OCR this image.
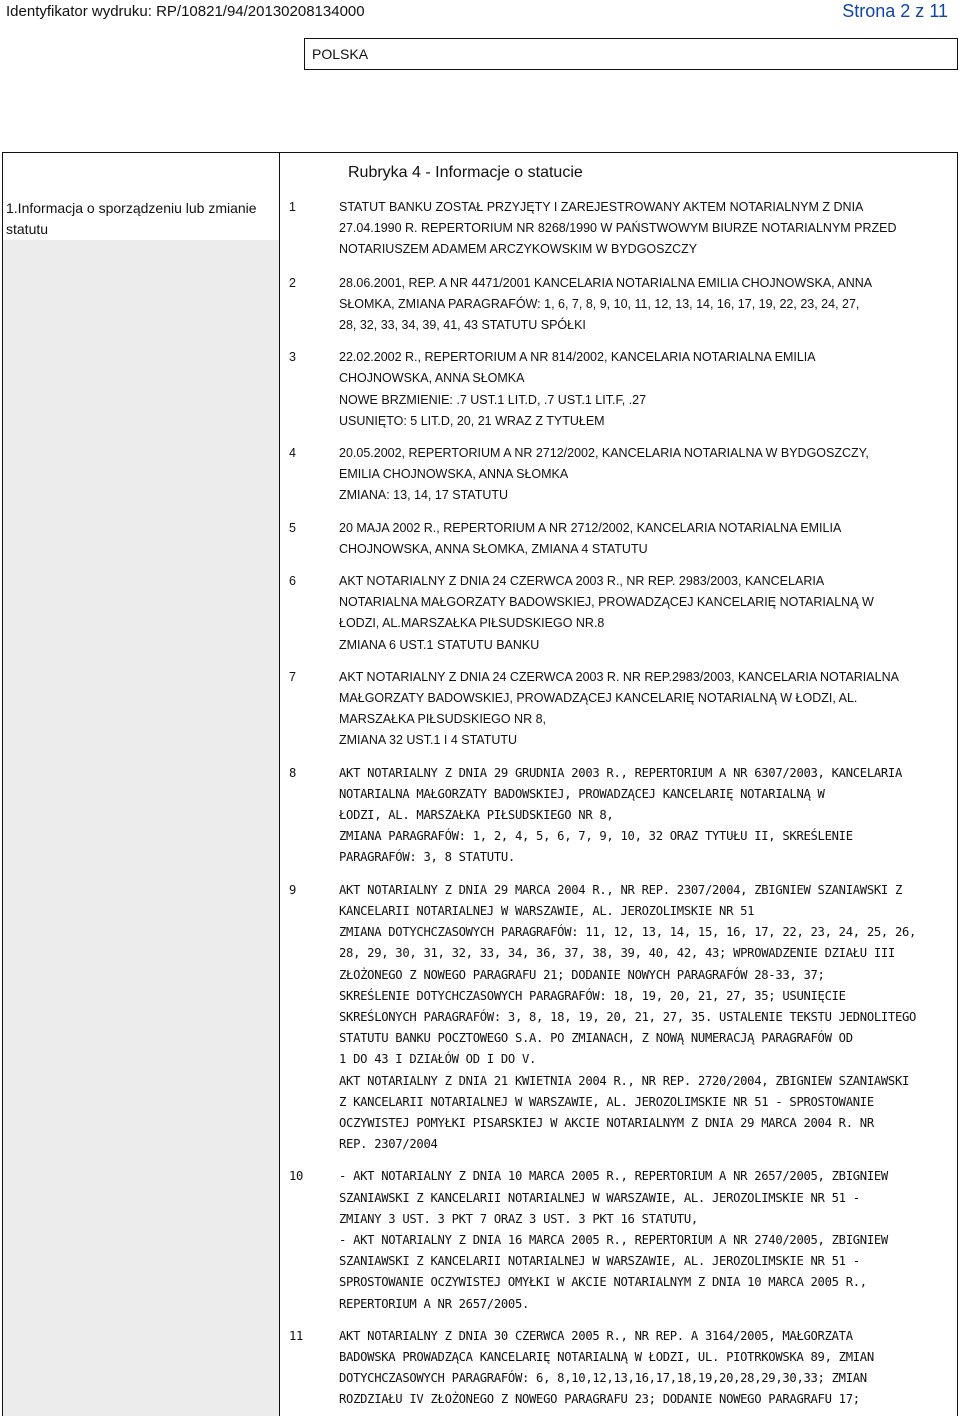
Identyfikator wydruku: RP/10821/94/20130208134000	Strona 2 z 11
POLSKA
Rubryka 4 - Informacje o statucie
1.Informacja o sporządzeniu lub zmianie
statutu
1	STATUT BANKU ZOSTAŁ PRZYJĘTY I ZAREJESTROWANY AKTEM NOTARIALNYM Z DNIA
27.04.1990 R. REPERTORIUM NR 8268/1990 W PAŃSTWOWYM BIURZE NOTARIALNYM PRZED
NOTARIUSZEM ADAMEM ARCZYKOWSKIM W BYDGOSZCZY
2	28.06.2001, REP. A NR 4471/2001 KANCELARIA NOTARIALNA EMILIA CHOJNOWSKA, ANNA
SŁOMKA, ZMIANA PARAGRAFÓW: 1, 6, 7, 8, 9, 10, 11, 12, 13, 14, 16, 17, 19, 22, 23, 24, 27,
28, 32, 33, 34, 39, 41, 43 STATUTU SPÓŁKI
3	22.02.2002 R., REPERTORIUM A NR 814/2002, KANCELARIA NOTARIALNA EMILIA
CHOJNOWSKA, ANNA SŁOMKA
NOWE BRZMIENIE: .7 UST.1 LIT.D, .7 UST.1 LIT.F, .27
USUNIĘTO: 5 LIT.D, 20, 21 WRAZ Z TYTUŁEM
4	20.05.2002, REPERTORIUM A NR 2712/2002, KANCELARIA NOTARIALNA W BYDGOSZCZY,
EMILIA CHOJNOWSKA, ANNA SŁOMKA
ZMIANA: 13, 14, 17 STATUTU
5	20 MAJA 2002 R., REPERTORIUM A NR 2712/2002, KANCELARIA NOTARIALNA EMILIA
CHOJNOWSKA, ANNA SŁOMKA, ZMIANA 4 STATUTU
6	AKT NOTARIALNY Z DNIA 24 CZERWCA 2003 R., NR REP. 2983/2003, KANCELARIA
NOTARIALNA MAŁGORZATY BADOWSKIEJ, PROWADZĄCEJ KANCELARIĘ NOTARIALNĄ W
ŁODZI, AL.MARSZAŁKA PIŁSUDSKIEGO NR.8
ZMIANA 6 UST.1 STATUTU BANKU
7	AKT NOTARIALNY Z DNIA 24 CZERWCA 2003 R. NR REP.2983/2003, KANCELARIA NOTARIALNA
MAŁGORZATY BADOWSKIEJ, PROWADZĄCEJ KANCELARIĘ NOTARIALNĄ W ŁODZI, AL.
MARSZAŁKA PIŁSUDSKIEGO NR 8,
ZMIANA 32 UST.1 I 4 STATUTU
8	AKT NOTARIALNY Z DNIA 29 GRUDNIA 2003 R., REPERTORIUM A NR 6307/2003, KANCELARIA
NOTARIALNA MAŁGORZATY BADOWSKIEJ, PROWADZĄCEJ KANCELARIĘ NOTARIALNĄ W
ŁODZI, AL. MARSZAŁKA PIŁSUDSKIEGO NR 8,
ZMIANA PARAGRAFÓW: 1, 2, 4, 5, 6, 7, 9, 10, 32 ORAZ TYTUŁU II, SKREŚLENIE
PARAGRAFÓW: 3, 8 STATUTU.
9	AKT NOTARIALNY Z DNIA 29 MARCA 2004 R., NR REP. 2307/2004, ZBIGNIEW SZANIAWSKI Z
KANCELARII NOTARIALNEJ W WARSZAWIE, AL. JEROZOLIMSKIE NR 51
ZMIANA DOTYCHCZASOWYCH PARAGRAFÓW: 11, 12, 13, 14, 15, 16, 17, 22, 23, 24, 25, 26,
28, 29, 30, 31, 32, 33, 34, 36, 37, 38, 39, 40, 42, 43; WPROWADZENIE DZIAŁU III
ZŁOŻONEGO Z NOWEGO PARAGRAFU 21; DODANIE NOWYCH PARAGRAFÓW 28-33, 37;
SKREŚLENIE DOTYCHCZASOWYCH PARAGRAFÓW: 18, 19, 20, 21, 27, 35; USUNIĘCIE
SKREŚLONYCH PARAGRAFÓW: 3, 8, 18, 19, 20, 21, 27, 35. USTALENIE TEKSTU JEDNOLITEGO
STATUTU BANKU POCZTOWEGO S.A. PO ZMIANACH, Z NOWĄ NUMERACJĄ PARAGRAFÓW OD
1 DO 43 I DZIAŁÓW OD I DO V.
AKT NOTARIALNY Z DNIA 21 KWIETNIA 2004 R., NR REP. 2720/2004, ZBIGNIEW SZANIAWSKI
Z KANCELARII NOTARIALNEJ W WARSZAWIE, AL. JEROZOLIMSKIE NR 51 - SPROSTOWANIE
OCZYWISTEJ POMYŁKI PISARSKIEJ W AKCIE NOTARIALNYM Z DNIA 29 MARCA 2004 R. NR
REP. 2307/2004
10	- AKT NOTARIALNY Z DNIA 10 MARCA 2005 R., REPERTORIUM A NR 2657/2005, ZBIGNIEW
SZANIAWSKI Z KANCELARII NOTARIALNEJ W WARSZAWIE, AL. JEROZOLIMSKIE NR 51 -
ZMIANY 3 UST. 3 PKT 7 ORAZ 3 UST. 3 PKT 16 STATUTU,
- AKT NOTARIALNY Z DNIA 16 MARCA 2005 R., REPERTORIUM A NR 2740/2005, ZBIGNIEW
SZANIAWSKI Z KANCELARII NOTARIALNEJ W WARSZAWIE, AL. JEROZOLIMSKIE NR 51 -
SPROSTOWANIE OCZYWISTEJ OMYŁKI W AKCIE NOTARIALNYM Z DNIA 10 MARCA 2005 R.,
REPERTORIUM A NR 2657/2005.
11	AKT NOTARIALNY Z DNIA 30 CZERWCA 2005 R., NR REP. A 3164/2005, MAŁGORZATA
BADOWSKA PROWADZĄCA KANCELARIĘ NOTARIALNĄ W ŁODZI, UL. PIOTRKOWSKA 89, ZMIAN
DOTYCHCZASOWYCH PARAGRAFÓW: 6, 8,10,12,13,16,17,18,19,20,28,29,30,33; ZMIAN
ROZDZIAŁU IV ZŁOŻONEGO Z NOWEGO PARAGRAFU 23; DODANIE NOWEGO PARAGRAFU 17;
